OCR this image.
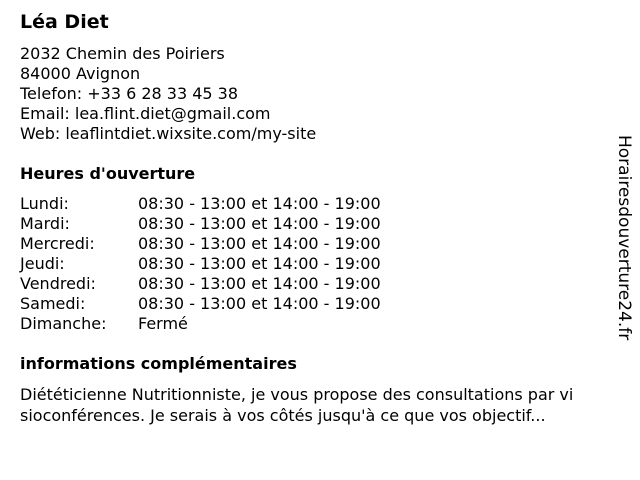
Léa Diet
2032 Chemin des Poiriers
84000 Avignon
Telefon: +33 6 28 33 45 38
Email: lea.flint.diet@gmail.com
Web: leaflintdiet.wixsite.com/my-site
Heures d'ouverture
Lundi:	08:30 - 13:00 et 14:00 - 19:00
Mardi:	08:30 - 13:00 et 14:00 - 19:00
Mercredi:	08:30 - 13:00 et 14:00 - 19:00
Jeudi:	08:30 - 13:00 et 14:00 - 19:00
Vendredi:	08:30 - 13:00 et 14:00 - 19:00
Samedi:	08:30 - 13:00 et 14:00 - 19:00
Dimanche: Fermé
informations complémentaires
Diététicienne Nutritionniste, je vous propose des consultations par vi
sioconférences. Je serais à vos côtés jusqu'à ce que vos objectif...
Horairesdouverture24.fr
